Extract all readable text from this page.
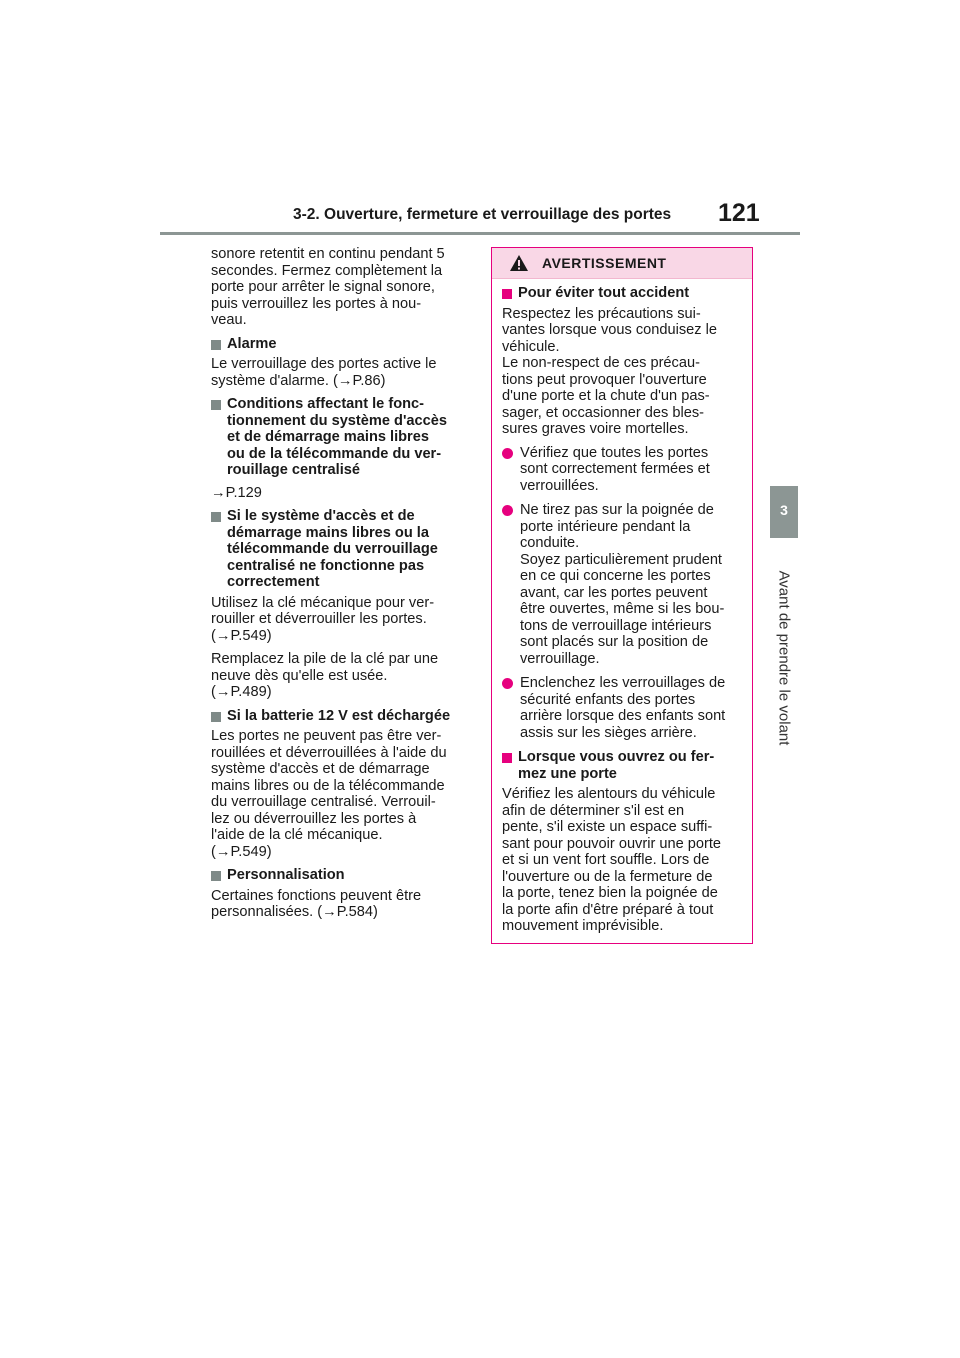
3-2. Ouverture, fermeture et verrouillage des portes 121
3
Avant de prendre le volant

sonore retentit en continu pendant 5
secondes. Fermez complètement la
porte pour arrêter le signal sonore,
puis verrouillez les portes à nou-
veau.

Alarme

Le verrouillage des portes active le
système d'alarme. (→P.86)

Conditions affectant le fonc-
tionnement du système d'accès
et de démarrage mains libres
ou de la télécommande du ver-
rouillage centralisé

→P.129

Si le système d'accès et de
démarrage mains libres ou la
télécommande du verrouillage
centralisé ne fonctionne pas
correctement

Utilisez la clé mécanique pour ver-
rouiller et déverrouiller les portes.
(→P.549)

Remplacez la pile de la clé par une
neuve dès qu'elle est usée.
(→P.489)

Si la batterie 12 V est déchargée

Les portes ne peuvent pas être ver-
rouillées et déverrouillées à l'aide du
système d'accès et de démarrage
mains libres ou de la télécommande
du verrouillage centralisé. Verrouil-
lez ou déverrouillez les portes à
l'aide de la clé mécanique.
(→P.549)

Personnalisation

Certaines fonctions peuvent être
personnalisées. (→P.584)

AVERTISSEMENT

Pour éviter tout accident

Respectez les précautions sui-
vantes lorsque vous conduisez le
véhicule.
Le non-respect de ces précau-
tions peut provoquer l'ouverture
d'une porte et la chute d'un pas-
sager, et occasionner des bles-
sures graves voire mortelles.

Vérifiez que toutes les portes
sont correctement fermées et
verrouillées.

Ne tirez pas sur la poignée de
porte intérieure pendant la
conduite.
Soyez particulièrement prudent
en ce qui concerne les portes
avant, car les portes peuvent
être ouvertes, même si les bou-
tons de verrouillage intérieurs
sont placés sur la position de
verrouillage.

Enclenchez les verrouillages de
sécurité enfants des portes
arrière lorsque des enfants sont
assis sur les sièges arrière.

Lorsque vous ouvrez ou fer-
mez une porte

Vérifiez les alentours du véhicule
afin de déterminer s'il est en
pente, s'il existe un espace suffi-
sant pour pouvoir ouvrir une porte
et si un vent fort souffle. Lors de
l'ouverture ou de la fermeture de
la porte, tenez bien la poignée de
la porte afin d'être préparé à tout
mouvement imprévisible.
